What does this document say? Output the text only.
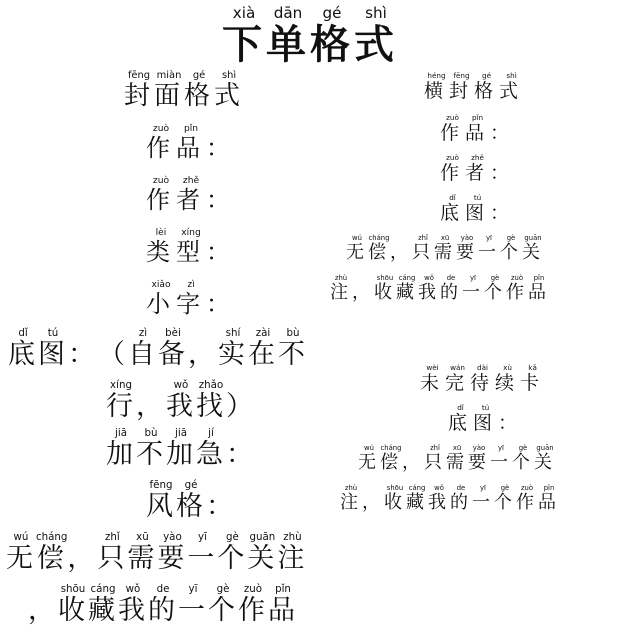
下xià单dān格gé式shì
封fēng面miàn格gé式shì
作zuò品pǐn：
作zuò者zhě：
类lèi型xíng：
小xiǎo字zì：
底dǐ图tú： （ 自zì备bèi， 实shí在zài不bù
行xíng， 我wǒ找zhǎo）
加jiā不bù加jiā急jí：
风fēng格gé：
无wú偿cháng， 只zhǐ需xū要yào一yī个gè关guān注zhù
， 收shōu藏cáng我wǒ的de一yī个gè作zuò品pǐn
横héng封fēng格gé式shì
作zuò品pǐn：
作zuò者zhě：
底dǐ图tú：
无wú偿cháng， 只zhǐ需xū要yào一yī个gè关guān
注zhù， 收shōu藏cáng我wǒ的de一yī个gè作zuò品pǐn
未wèi完wán待dài续xù卡kǎ
底dǐ图tú：
无wú偿cháng， 只zhǐ需xū要yào一yī个gè关guān
注zhù， 收shōu藏cáng我wǒ的de一yī个gè作zuò品pǐn
